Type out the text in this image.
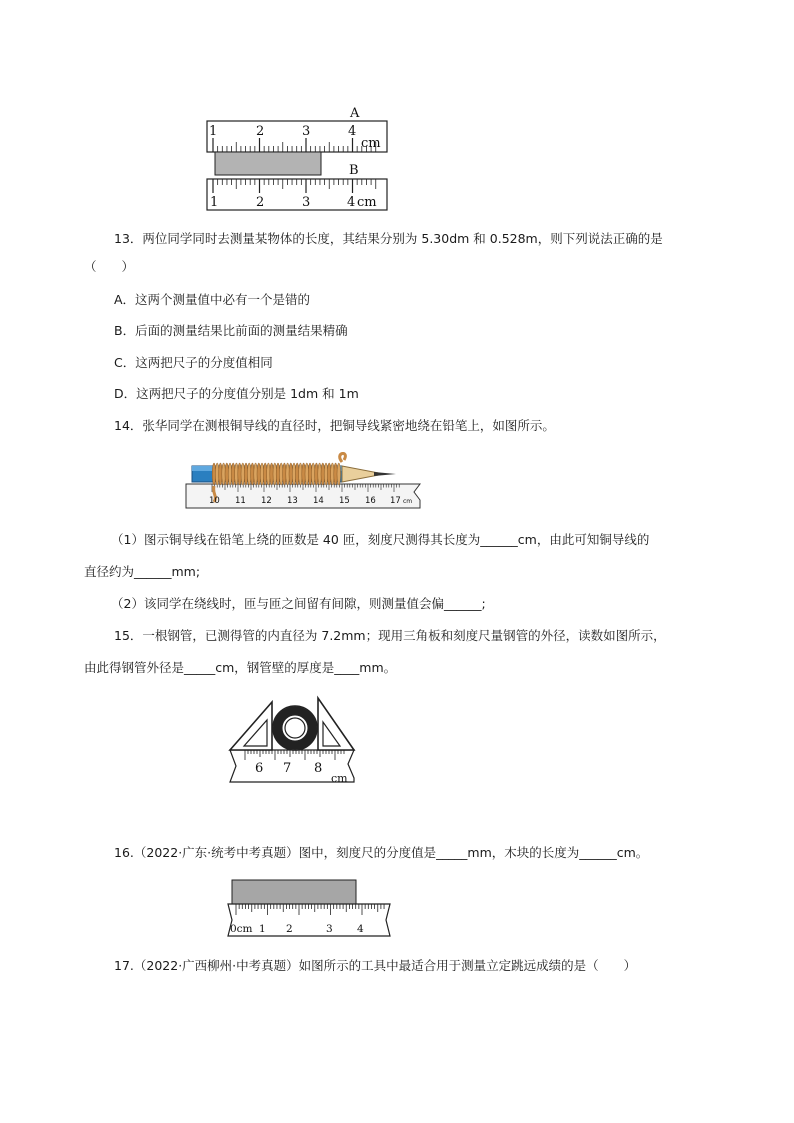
A
1	2	3	4
cm
B
1	2	3	4 cm
13．两位同学同时去测量某物体的长度，其结果分别为 5.30dm 和 0.528m，则下列说法正确的是
（　　）
A．这两个测量值中必有一个是错的
B．后面的测量结果比前面的测量结果精确
C．这两把尺子的分度值相同
D．这两把尺子的分度值分别是 1dm 和 1m
14．张华同学在测根铜导线的直径时，把铜导线紧密地绕在铅笔上，如图所示。
10 11 12 13 14 15 16 17 cm
（1）图示铜导线在铅笔上绕的匝数是 40 匝，刻度尺测得其长度为______cm，由此可知铜导线的
直径约为______mm;
（2）该同学在绕线时，匝与匝之间留有间隙，则测量值会偏______;
15．一根钢管，已测得管的内直径为 7.2mm；现用三角板和刻度尺量钢管的外径，读数如图所示，
由此得钢管外径是_____cm，钢管壁的厚度是____mm。
6 7 8
cm
16.（2022·广东·统考中考真题）图中，刻度尺的分度值是_____mm，木块的长度为______cm。
0cm 1 2	3 4
17.（2022·广西柳州·中考真题）如图所示的工具中最适合用于测量立定跳远成绩的是（　　）
